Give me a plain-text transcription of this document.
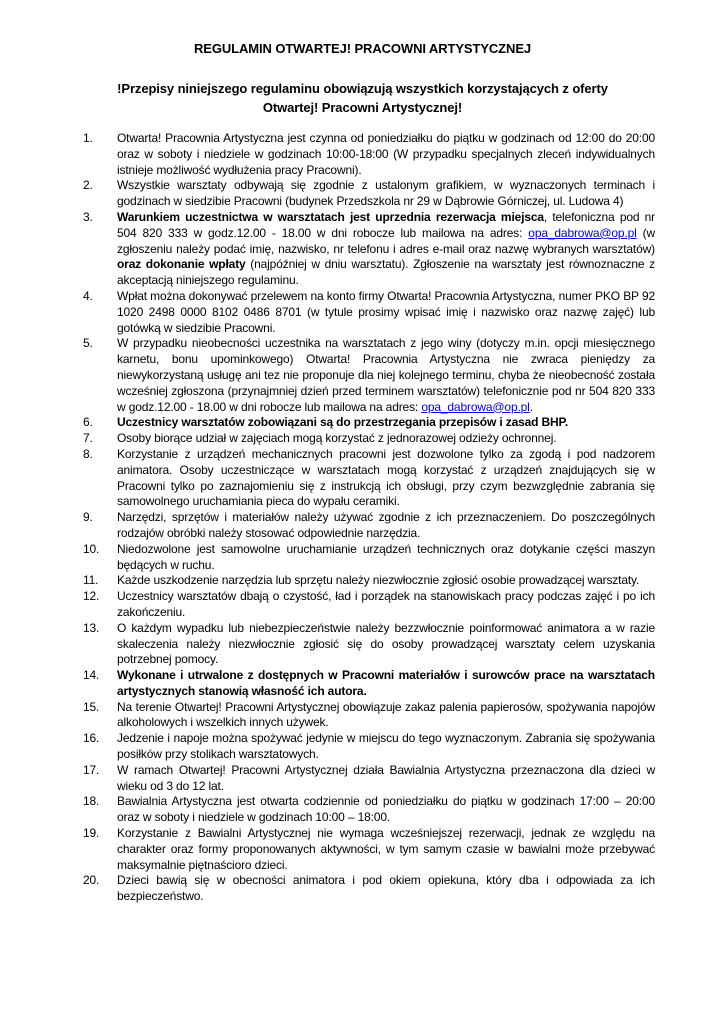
REGULAMIN OTWARTEJ! PRACOWNI ARTYSTYCZNEJ
!Przepisy niniejszego regulaminu obowiązują wszystkich korzystających z oferty Otwartej! Pracowni Artystycznej!
1.	Otwarta! Pracownia Artystyczna jest czynna od poniedziałku do piątku w godzinach od 12:00 do 20:00 oraz w soboty i niedziele w godzinach 10:00-18:00 (W przypadku specjalnych zleceń indywidualnych istnieje możliwość wydłużenia pracy Pracowni).
2.	Wszystkie warsztaty odbywają się zgodnie z ustalonym grafikiem, w wyznaczonych terminach i godzinach w siedzibie Pracowni (budynek Przedszkola nr 29 w Dąbrowie Górniczej, ul. Ludowa 4)
3.	Warunkiem uczestnictwa w warsztatach jest uprzednia rezerwacja miejsca, telefoniczna pod nr 504 820 333 w godz.12.00 - 18.00 w dni robocze lub mailowa na adres: opa_dabrowa@op.pl (w zgłoszeniu należy podać imię, nazwisko, nr telefonu i adres e-mail oraz nazwę wybranych warsztatów) oraz dokonanie wpłaty (najpóźniej w dniu warsztatu). Zgłoszenie na warsztaty jest równoznaczne z akceptacją niniejszego regulaminu.
4.	Wpłat można dokonywać przelewem na konto firmy Otwarta! Pracownia Artystyczna, numer PKO BP 92 1020 2498 0000 8102 0486 8701 (w tytule prosimy wpisać imię i nazwisko oraz nazwę zajęć) lub gotówką w siedzibie Pracowni.
5.	W przypadku nieobecności uczestnika na warsztatach z jego winy (dotyczy m.in. opcji miesięcznego karnetu, bonu upominkowego) Otwarta! Pracownia Artystyczna nie zwraca pieniędzy za niewykorzystaną usługę ani tez nie proponuje dla niej kolejnego terminu, chyba że nieobecność została wcześniej zgłoszona (przynajmniej dzień przed terminem warsztatów) telefonicznie pod nr 504 820 333 w godz.12.00 - 18.00 w dni robocze lub mailowa na adres: opa_dabrowa@op.pl.
6.	Uczestnicy warsztatów zobowiązani są do przestrzegania przepisów i zasad BHP.
7.	Osoby biorące udział w zajęciach mogą korzystać z jednorazowej odzieży ochronnej.
8.	Korzystanie z urządzeń mechanicznych pracowni jest dozwolone tylko za zgodą i pod nadzorem animatora. Osoby uczestniczące w warsztatach mogą korzystać z urządzeń znajdujących się w Pracowni tylko po zaznajomieniu się z instrukcją ich obsługi, przy czym bezwzględnie zabrania się samowolnego uruchamiania pieca do wypału ceramiki.
9.	Narzędzi, sprzętów i materiałów należy używać zgodnie z ich przeznaczeniem. Do poszczególnych rodzajów obróbki należy stosować odpowiednie narzędzia.
10.	Niedozwolone jest samowolne uruchamianie urządzeń technicznych oraz dotykanie części maszyn będących w ruchu.
11.	Każde uszkodzenie narzędzia lub sprzętu należy niezwłocznie zgłosić osobie prowadzącej warsztaty.
12.	Uczestnicy warsztatów dbają o czystość, ład i porządek na stanowiskach pracy podczas zajęć i po ich zakończeniu.
13.	O każdym wypadku lub niebezpieczeństwie należy bezzwłocznie poinformować animatora a w razie skaleczenia należy niezwłocznie zgłosić się do osoby prowadzącej warsztaty celem uzyskania potrzebnej pomocy.
14.	Wykonane i utrwalone z dostępnych w Pracowni materiałów i surowców prace na warsztatach artystycznych stanowią własność ich autora.
15.	Na terenie Otwartej! Pracowni Artystycznej obowiązuje zakaz palenia papierosów, spożywania napojów alkoholowych i wszelkich innych używek.
16.	Jedzenie i napoje można spożywać jedynie w miejscu do tego wyznaczonym. Zabrania się spożywania posiłków przy stolikach warsztatowych.
17.	W ramach Otwartej! Pracowni Artystycznej działa Bawialnia Artystyczna przeznaczona dla dzieci w wieku od 3 do 12 lat.
18.	Bawialnia Artystyczna jest otwarta codziennie od poniedziałku do piątku w godzinach 17:00 – 20:00 oraz w soboty i niedziele w godzinach 10:00 – 18:00.
19.	Korzystanie z Bawialni Artystycznej nie wymaga wcześniejszej rezerwacji, jednak ze względu na charakter oraz formy proponowanych aktywności, w tym samym czasie w bawialni może przebywać maksymalnie piętnaścioro dzieci.
20.	Dzieci bawią się w obecności animatora i pod okiem opiekuna, który dba i odpowiada za ich bezpieczeństwo.
